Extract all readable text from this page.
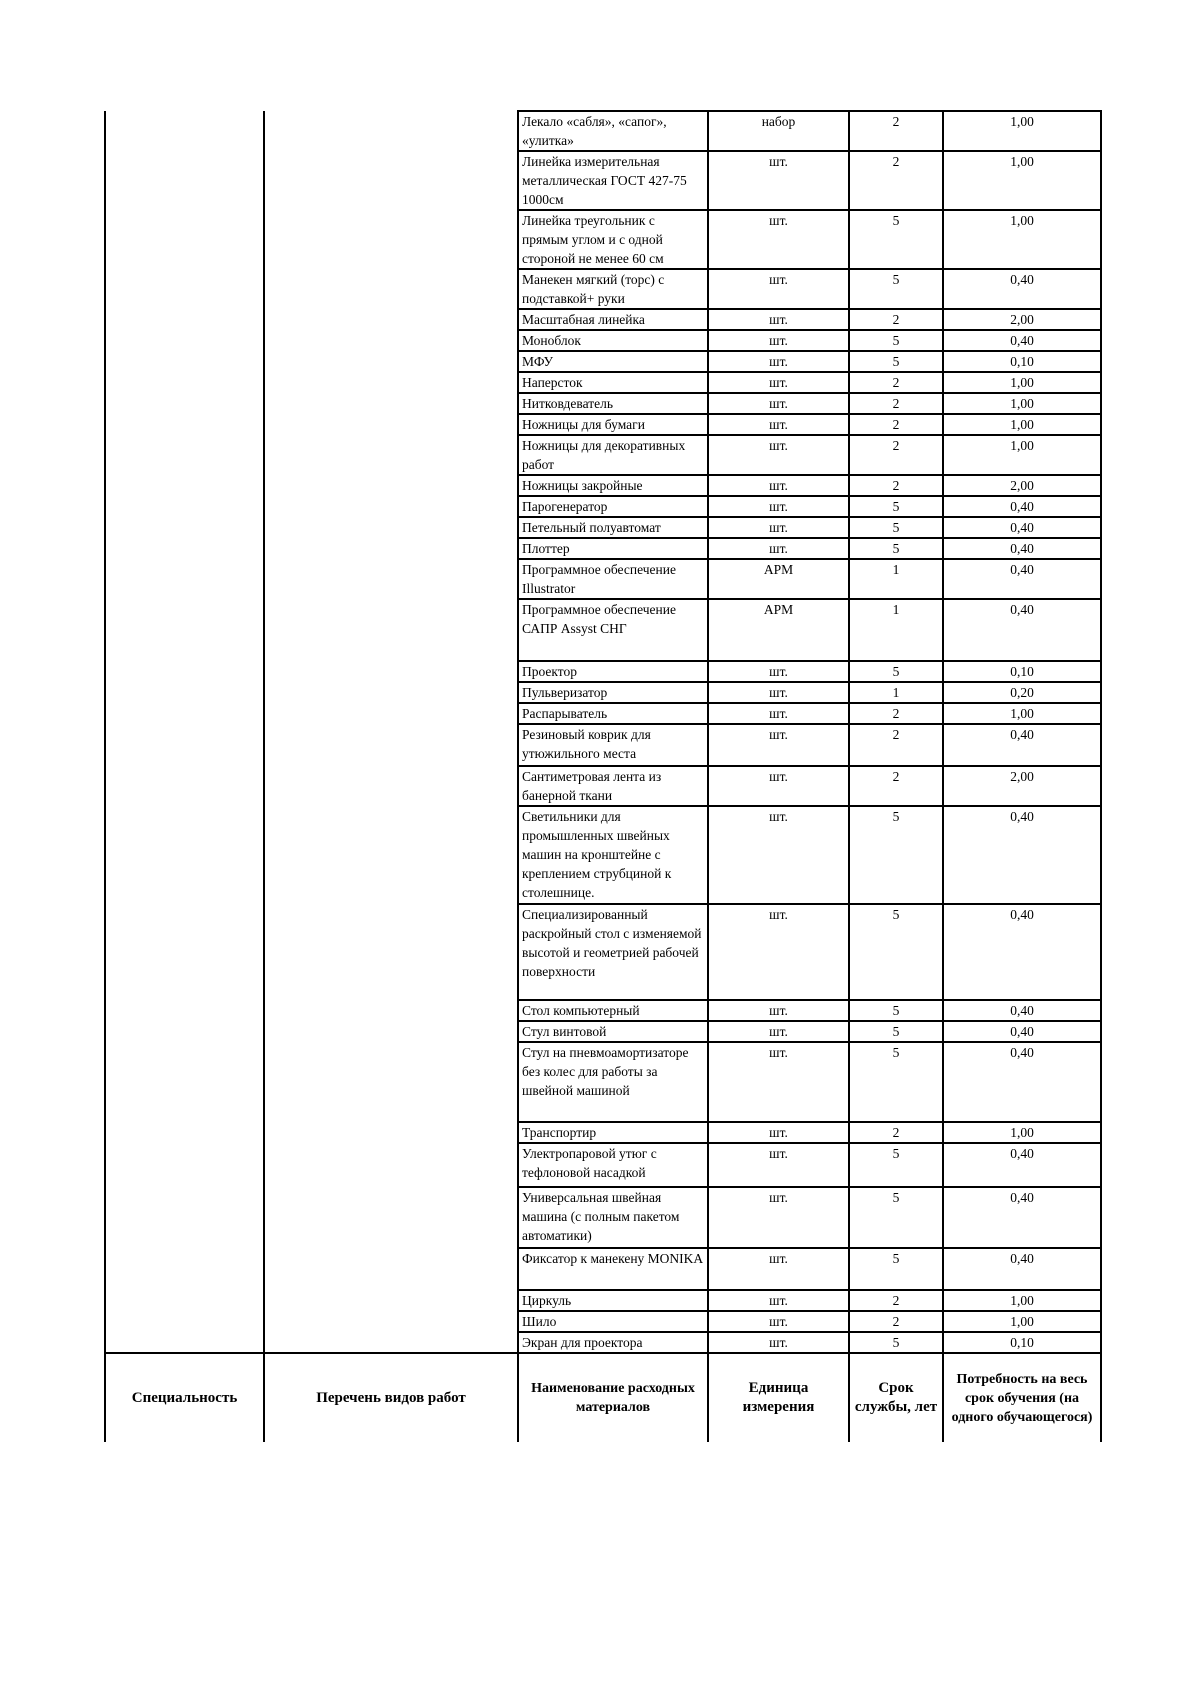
		Лекало «сабля», «сапог», «улитка»	набор	2	1,00
		Линейка измерительная металлическая ГОСТ 427-75 1000см	шт.	2	1,00
		Линейка треугольник с прямым углом и с одной стороной не менее 60 см	шт.	5	1,00
		Манекен мягкий (торс) с подставкой+ руки	шт.	5	0,40
		Масштабная линейка	шт.	2	2,00
		Моноблок	шт.	5	0,40
		МФУ	шт.	5	0,10
		Наперсток	шт.	2	1,00
		Нитковдеватель	шт.	2	1,00
		Ножницы для бумаги	шт.	2	1,00
		Ножницы для декоративных работ	шт.	2	1,00
		Ножницы закройные	шт.	2	2,00
		Парогенератор	шт.	5	0,40
		Петельный полуавтомат	шт.	5	0,40
		Плоттер	шт.	5	0,40
		Программное обеспечение Illustrator	АРМ	1	0,40
		Программное обеспечение САПР Assyst СНГ	АРМ	1	0,40
		Проектор	шт.	5	0,10
		Пульверизатор	шт.	1	0,20
		Распарыватель	шт.	2	1,00
		Резиновый коврик для утюжильного места	шт.	2	0,40
		Сантиметровая лента из банерной ткани	шт.	2	2,00
		Светильники для промышленных швейных машин на кронштейне с креплением струбциной к столешнице.	шт.	5	0,40
		Специализированный раскройный стол с изменяемой высотой и геометрией рабочей поверхности	шт.	5	0,40
		Стол компьютерный	шт.	5	0,40
		Стул винтовой	шт.	5	0,40
		Стул на пневмоамортизаторе без колес для работы за швейной машиной	шт.	5	0,40
		Транспортир	шт.	2	1,00
		Улектропаровой утюг с тефлоновой насадкой	шт.	5	0,40
		Универсальная швейная машина (с полным пакетом автоматики)	шт.	5	0,40
		Фиксатор к манекену MONIKA	шт.	5	0,40
		Циркуль	шт.	2	1,00
		Шило	шт.	2	1,00
		Экран для проектора	шт.	5	0,10
Специальность	Перечень видов работ	Наименование расходных материалов	Единица измерения	Срок службы, лет	Потребность на весь срок обучения (на одного обучающегося)
